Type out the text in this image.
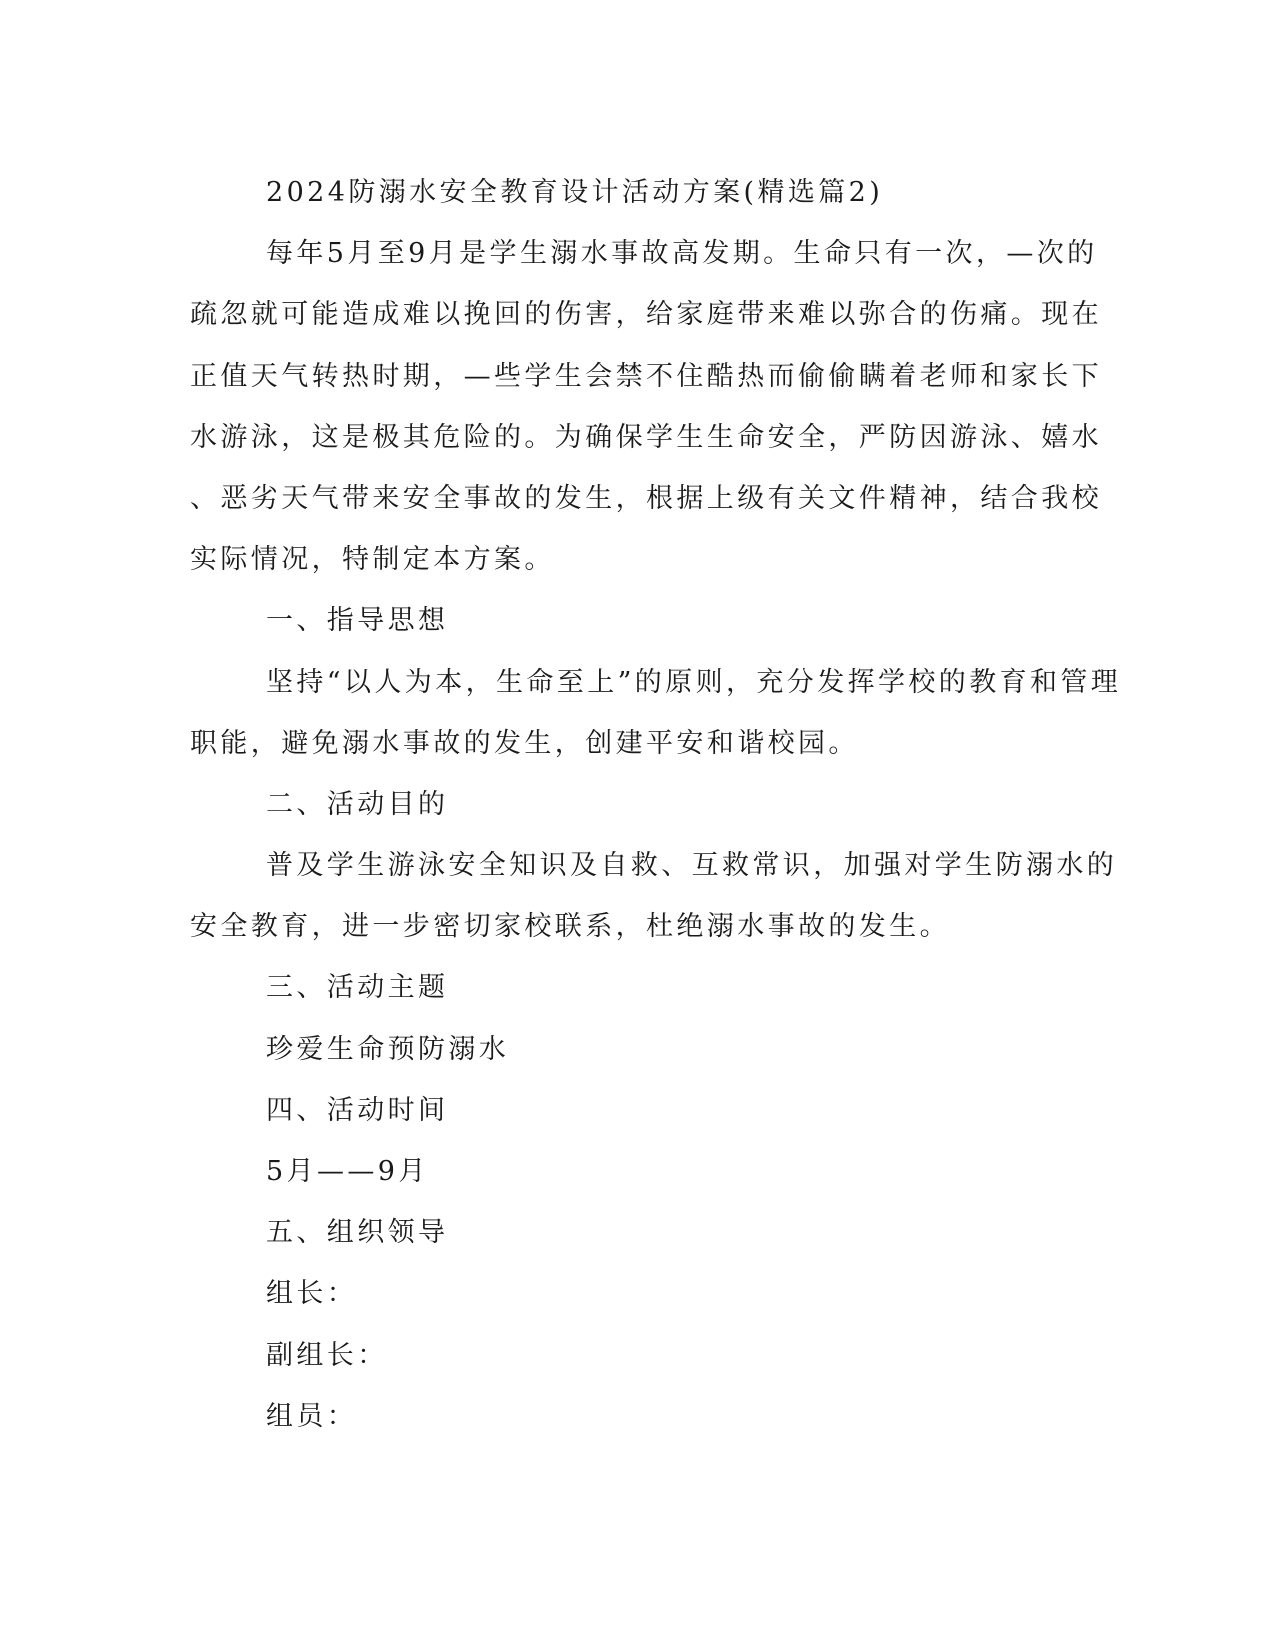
2024防溺水安全教育设计活动方案(精选篇2)
每年5月至9月是学生溺水事故高发期。生命只有一次，—次的
疏忽就可能造成难以挽回的伤害，给家庭带来难以弥合的伤痛。现在
正值天气转热时期，—些学生会禁不住酷热而偷偷瞒着老师和家长下
水游泳，这是极其危险的。为确保学生生命安全，严防因游泳、嬉水
、恶劣天气带来安全事故的发生，根据上级有关文件精神，结合我校
实际情况，特制定本方案。
一、指导思想
坚持“以人为本，生命至上”的原则，充分发挥学校的教育和管理
职能，避免溺水事故的发生，创建平安和谐校园。
二、活动目的
普及学生游泳安全知识及自救、互救常识，加强对学生防溺水的
安全教育，进一步密切家校联系，杜绝溺水事故的发生。
三、活动主题
珍爱生命预防溺水
四、活动时间
5月——9月
五、组织领导
组长：
副组长：
组员：
